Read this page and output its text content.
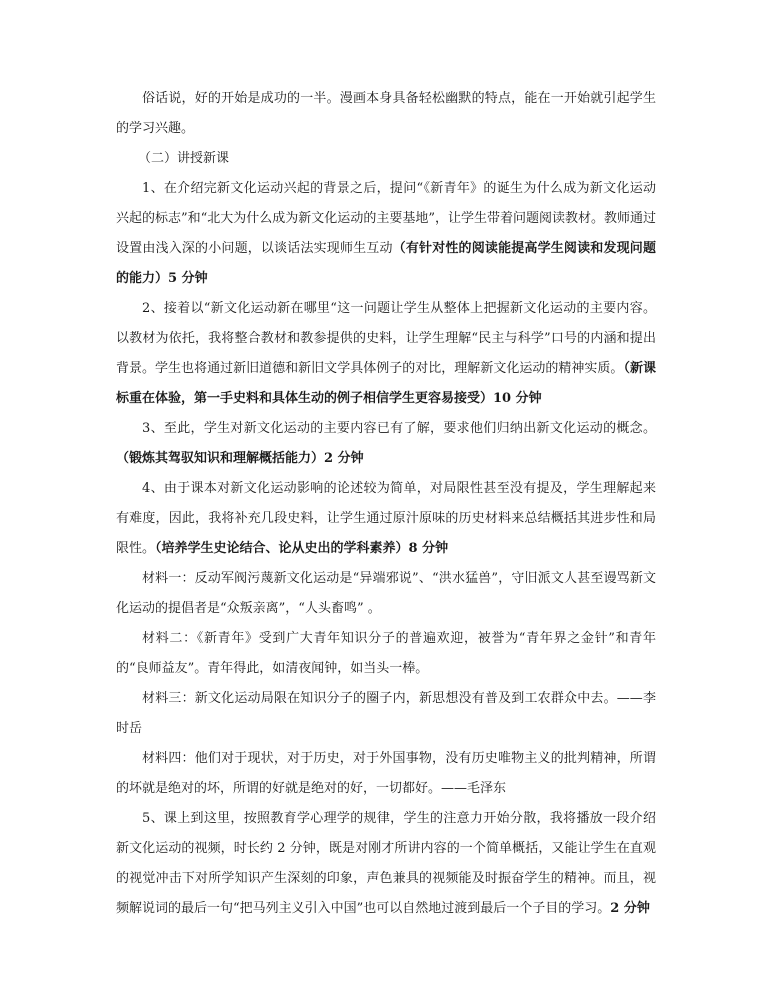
俗话说，好的开始是成功的一半。漫画本身具备轻松幽默的特点，能在一开始就引起学生的学习兴趣。

（二）讲授新课

1、在介绍完新文化运动兴起的背景之后，提问“《新青年》的诞生为什么成为新文化运动兴起的标志”和“北大为什么成为新文化运动的主要基地”，让学生带着问题阅读教材。教师通过设置由浅入深的小问题，以谈话法实现师生互动（有针对性的阅读能提高学生阅读和发现问题的能力）5 分钟

2、接着以“新文化运动新在哪里“这一问题让学生从整体上把握新文化运动的主要内容。以教材为依托，我将整合教材和教参提供的史料，让学生理解“民主与科学”口号的内涵和提出背景。学生也将通过新旧道德和新旧文学具体例子的对比，理解新文化运动的精神实质。（新课标重在体验，第一手史料和具体生动的例子相信学生更容易接受）10 分钟

3、至此，学生对新文化运动的主要内容已有了解，要求他们归纳出新文化运动的概念。（锻炼其驾驭知识和理解概括能力）2 分钟

4、由于课本对新文化运动影响的论述较为简单，对局限性甚至没有提及，学生理解起来有难度，因此，我将补充几段史料，让学生通过原汁原味的历史材料来总结概括其进步性和局限性。（培养学生史论结合、论从史出的学科素养）8 分钟

材料一：反动军阀污蔑新文化运动是“异端邪说”、“洪水猛兽”，守旧派文人甚至谩骂新文化运动的提倡者是“众叛亲离”，“人头畜鸣” 。

材料二：《新青年》受到广大青年知识分子的普遍欢迎，被誉为“青年界之金针”和青年的“良师益友”。青年得此，如清夜闻钟，如当头一棒。

材料三：新文化运动局限在知识分子的圈子内，新思想没有普及到工农群众中去。——李时岳

材料四：他们对于现状，对于历史，对于外国事物，没有历史唯物主义的批判精神，所谓的坏就是绝对的坏，所谓的好就是绝对的好，一切都好。——毛泽东

5、课上到这里，按照教育学心理学的规律，学生的注意力开始分散，我将播放一段介绍新文化运动的视频，时长约 2 分钟，既是对刚才所讲内容的一个简单概括，又能让学生在直观的视觉冲击下对所学知识产生深刻的印象，声色兼具的视频能及时振奋学生的精神。而且，视频解说词的最后一句“把马列主义引入中国”也可以自然地过渡到最后一个子目的学习。2 分钟
